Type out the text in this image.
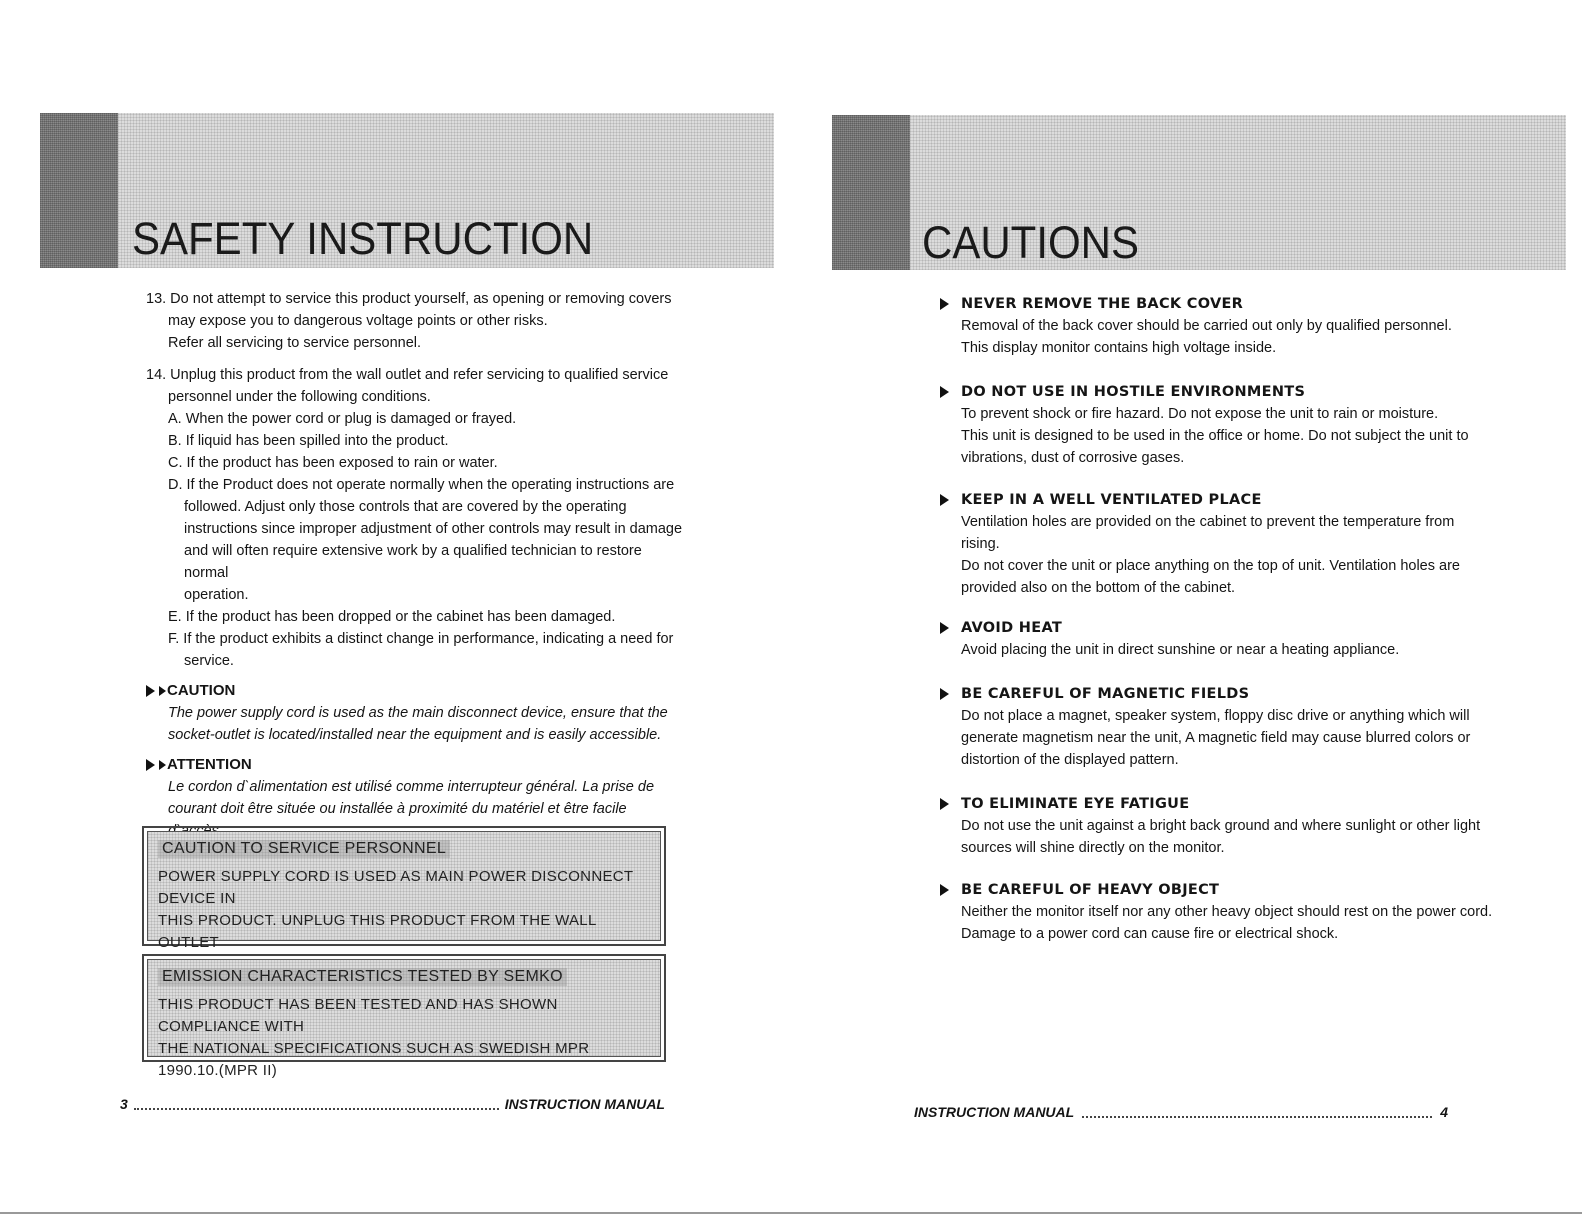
SAFETY INSTRUCTION	CAUTIONS

13. Do not attempt to service this product yourself, as opening or removing covers

may expose you to dangerous voltage points or other risks.

Refer all servicing to service personnel.

14. Unplug this product from the wall outlet and refer servicing to qualified service

personnel under the following conditions.

A. When the power cord or plug is damaged or frayed.

B. If liquid has been spilled into the product.

C. If the product has been exposed to rain or water.

D. If the Product does not operate normally when the operating instructions are

followed. Adjust only those controls that are covered by the operating

instructions since improper adjustment of other controls may result in damage

and will often require extensive work by a qualified technician to restore normal

operation.

E. If the product has been dropped or the cabinet has been damaged.

F. If the product exhibits a distinct change in performance, indicating a need for

service.

CAUTION

The power supply cord is used as the main disconnect device, ensure that the

socket-outlet is located/installed near the equipment and is easily accessible.

ATTENTION

Le cordon d`alimentation est utilisé comme interrupteur général. La prise de

courant doit être située ou installée à proximité du matériel et être facile

CAUTION TO SERVICE PERSONNEL
POWER SUPPLY CORD IS USED AS MAIN POWER DISCONNECT DEVICE IN
THIS PRODUCT. UNPLUG THIS PRODUCT FROM THE WALL OUTLET
EMISSION CHARACTERISTICS TESTED BY SEMKO
THIS PRODUCT HAS BEEN TESTED AND HAS SHOWN COMPLIANCE WITH
THE NATIONAL SPECIFICATIONS SUCH AS SWEDISH MPR 1990.10.(MPR II)
3	INSTRUCTION MANUAL
NEVER REMOVE THE BACK COVER
Removal of the back cover should be carried out only by qualified personnel.
This display monitor contains high voltage inside.
DO NOT USE IN HOSTILE ENVIRONMENTS
To prevent shock or fire hazard. Do not expose the unit to rain or moisture.
This unit is designed to be used in the office or home. Do not subject the unit to
vibrations, dust of corrosive gases.
KEEP IN A WELL VENTILATED PLACE
Ventilation holes are provided on the cabinet to prevent the temperature from
rising.
Do not cover the unit or place anything on the top of unit. Ventilation holes are
provided also on the bottom of the cabinet.
AVOID HEAT
Avoid placing the unit in direct sunshine or near a heating appliance.
BE CAREFUL OF MAGNETIC FIELDS
Do not place a magnet, speaker system, floppy disc drive or anything which will
generate magnetism near the unit, A magnetic field may cause blurred colors or
distortion of the displayed pattern.
TO ELIMINATE EYE FATIGUE
Do not use the unit against a bright back ground and where sunlight or other light
sources will shine directly on the monitor.
BE CAREFUL OF HEAVY OBJECT
Neither the monitor itself nor any other heavy object should rest on the power cord.
Damage to a power cord can cause fire or electrical shock.
INSTRUCTION MANUAL	4
